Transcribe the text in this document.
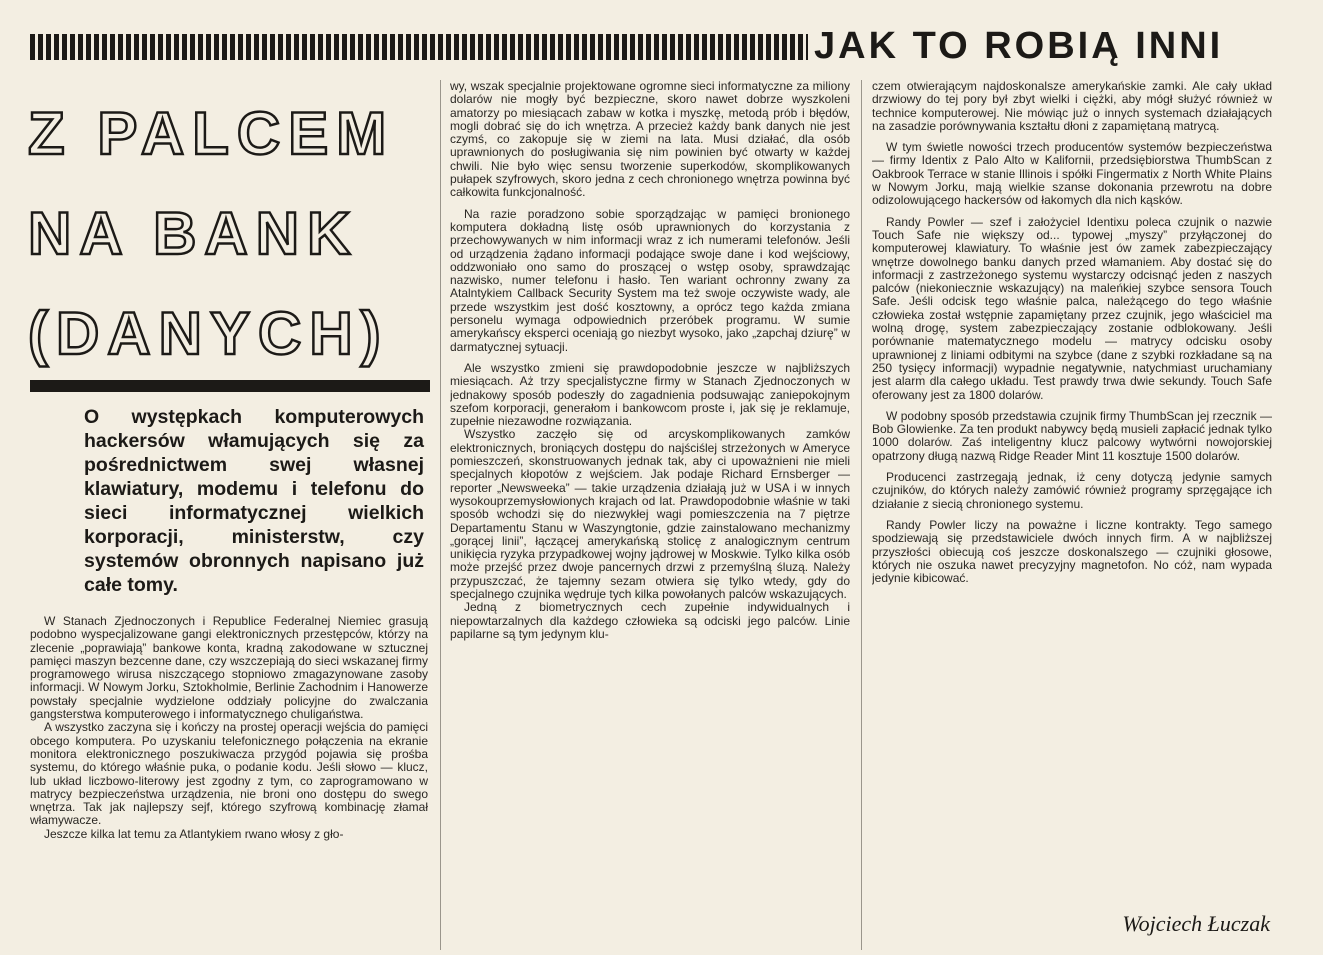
JAK TO ROBIĄ INNI
Z PALCEM
NA BANK
(DANYCH)
O występkach komputerowych hackersów włamujących się za pośrednictwem swej własnej klawiatury, modemu i telefonu do sieci informatycznej wielkich korporacji, ministerstw, czy systemów obronnych napisano już całe tomy.

W Stanach Zjednoczonych i Republice Federalnej Niemiec grasują podobno wyspecjalizowane gangi elektronicznych przestępców, którzy na zlecenie „poprawiają” bankowe konta, kradną zakodowane w sztucznej pamięci maszyn bezcenne dane, czy wszczepiają do sieci wskazanej firmy programowego wirusa niszczącego stopniowo zmagazynowane zasoby informacji. W Nowym Jorku, Sztokholmie, Berlinie Zachodnim i Hanowerze powstały specjalnie wydzielone oddziały policyjne do zwalczania gangsterstwa komputerowego i informatycznego chuligaństwa.

A wszystko zaczyna się i kończy na prostej operacji wejścia do pamięci obcego komputera. Po uzyskaniu telefonicznego połączenia na ekranie monitora elektronicznego poszukiwacza przygód pojawia się prośba systemu, do którego właśnie puka, o podanie kodu. Jeśli słowo — klucz, lub układ liczbowo-literowy jest zgodny z tym, co zaprogramowano w matrycy bezpieczeństwa urządzenia, nie broni ono dostępu do swego wnętrza. Tak jak najlepszy sejf, którego szyfrową kombinację złamał włamywacze.

Jeszcze kilka lat temu za Atlantykiem rwano włosy z gło-

wy, wszak specjalnie projektowane ogromne sieci informatyczne za miliony dolarów nie mogły być bezpieczne, skoro nawet dobrze wyszkoleni amatorzy po miesiącach zabaw w kotka i myszkę, metodą prób i błędów, mogli dobrać się do ich wnętrza. A przecież każdy bank danych nie jest czymś, co zakopuje się w ziemi na lata. Musi działać, dla osób uprawnionych do posługiwania się nim powinien być otwarty w każdej chwili. Nie było więc sensu tworzenie superkodów, skomplikowanych pułapek szyfrowych, skoro jedna z cech chronionego wnętrza powinna być całkowita funkcjonalność.

Na razie poradzono sobie sporządzając w pamięci bronionego komputera dokładną listę osób uprawnionych do korzystania z przechowywanych w nim informacji wraz z ich numerami telefonów. Jeśli od urządzenia żądano informacji podające swoje dane i kod wejściowy, oddzwoniało ono samo do proszącej o wstęp osoby, sprawdzając nazwisko, numer telefonu i hasło. Ten wariant ochronny zwany za Atalntykiem Callback Security System ma też swoje oczywiste wady, ale przede wszystkim jest dość kosztowny, a oprócz tego każda zmiana personelu wymaga odpowiednich przeróbek programu. W sumie amerykańscy eksperci oceniają go niezbyt wysoko, jako „zapchaj dziurę” w darmatycznej sytuacji.

Ale wszystko zmieni się prawdopodobnie jeszcze w najbliższych miesiącach. Aż trzy specjalistyczne firmy w Stanach Zjednoczonych w jednakowy sposób podeszły do zagadnienia podsuwając zaniepokojnym szefom korporacji, generałom i bankowcom proste i, jak się je reklamuje, zupełnie niezawodne rozwiązania.

Wszystko zaczęło się od arcyskomplikowanych zamków elektronicznych, broniących dostępu do najściślej strzeżonych w Ameryce pomieszczeń, skonstruowanych jednak tak, aby ci upoważnieni nie mieli specjalnych kłopotów z wejściem. Jak podaje Richard Ernsberger — reporter „Newsweeka” — takie urządzenia działają już w USA i w innych wysokouprzemysłowionych krajach od lat. Prawdopodobnie właśnie w taki sposób wchodzi się do niezwykłej wagi pomieszczenia na 7 piętrze Departamentu Stanu w Waszyngtonie, gdzie zainstalowano mechanizmy „gorącej linii”, łączącej amerykańską stolicę z analogicznym centrum unikięcia ryzyka przypadkowej wojny jądrowej w Moskwie. Tylko kilka osób może przejść przez dwoje pancernych drzwi z przemyślną śluzą. Należy przypuszczać, że tajemny sezam otwiera się tylko wtedy, gdy do specjalnego czujnika wędruje tych kilka powołanych palców wskazujących.

Jedną z biometrycznych cech zupełnie indywidualnych i niepowtarzalnych dla każdego człowieka są odciski jego palców. Linie papilarne są tym jedynym klu-

czem otwierającym najdoskonalsze amerykańskie zamki. Ale cały układ drzwiowy do tej pory był zbyt wielki i ciężki, aby mógł służyć również w technice komputerowej. Nie mówiąc już o innych systemach działających na zasadzie porównywania kształtu dłoni z zapamiętaną matrycą.

W tym świetle nowości trzech producentów systemów bezpieczeństwa — firmy Identix z Palo Alto w Kalifornii, przedsiębiorstwa ThumbScan z Oakbrook Terrace w stanie Illinois i spółki Fingermatix z North White Plains w Nowym Jorku, mają wielkie szanse dokonania przewrotu na dobre odizolowującego hackersów od łakomych dla nich kąsków.

Randy Powler — szef i założyciel Identixu poleca czujnik o nazwie Touch Safe nie większy od... typowej „myszy” przyłączonej do komputerowej klawiatury. To właśnie jest ów zamek zabezpieczający wnętrze dowolnego banku danych przed włamaniem. Aby dostać się do informacji z zastrzeżonego systemu wystarczy odcisnąć jeden z naszych palców (niekoniecznie wskazujący) na maleńkiej szybce sensora Touch Safe. Jeśli odcisk tego właśnie palca, należącego do tego właśnie człowieka został wstępnie zapamiętany przez czujnik, jego właściciel ma wolną drogę, system zabezpieczający zostanie odblokowany. Jeśli porównanie matematycznego modelu — matrycy odcisku osoby uprawnionej z liniami odbitymi na szybce (dane z szybki rozkładane są na 250 tysięcy informacji) wypadnie negatywnie, natychmiast uruchamiany jest alarm dla całego układu. Test prawdy trwa dwie sekundy. Touch Safe oferowany jest za 1800 dolarów.

W podobny sposób przedstawia czujnik firmy ThumbScan jej rzecznik — Bob Glowienke. Za ten produkt nabywcy będą musieli zapłacić jednak tylko 1000 dolarów. Zaś inteligentny klucz palcowy wytwórni nowojorskiej opatrzony długą nazwą Ridge Reader Mint 11 kosztuje 1500 dolarów.

Producenci zastrzegają jednak, iż ceny dotyczą jedynie samych czujników, do których należy zamówić również programy sprzęgające ich działanie z siecią chronionego systemu.

Randy Powler liczy na poważne i liczne kontrakty. Tego samego spodziewają się przedstawiciele dwóch innych firm. A w najbliższej przyszłości obiecują coś jeszcze doskonalszego — czujniki głosowe, których nie oszuka nawet precyzyjny magnetofon. No cóż, nam wypada jedynie kibicować.

Wojciech Łuczak
